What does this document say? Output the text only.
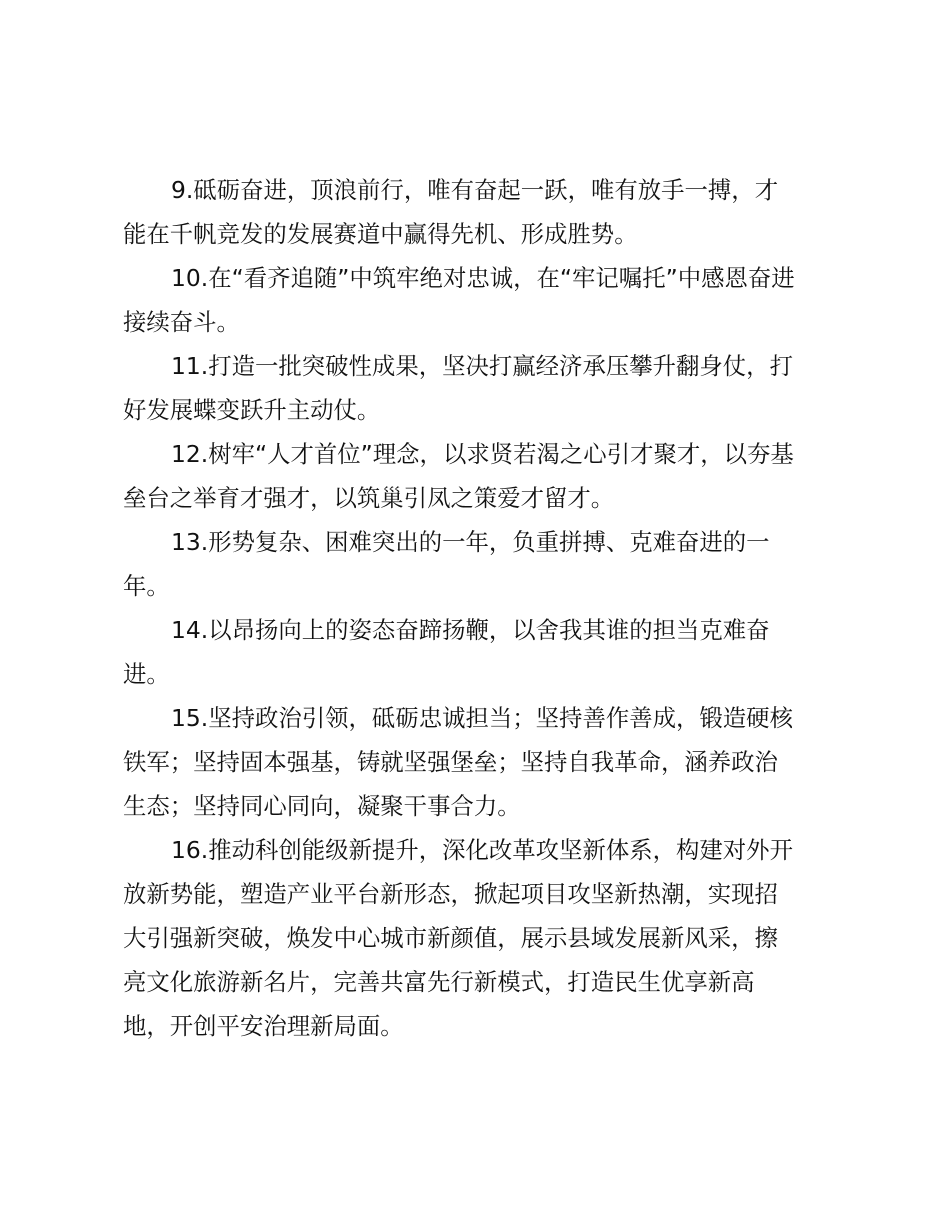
9.砥砺奋进，顶浪前行，唯有奋起一跃，唯有放手一搏，才
能在千帆竞发的发展赛道中赢得先机、形成胜势。

10.在“看齐追随”中筑牢绝对忠诚，在“牢记嘱托”中感恩奋进
接续奋斗。

11.打造一批突破性成果，坚决打赢经济承压攀升翻身仗，打
好发展蝶变跃升主动仗。

12.树牢“人才首位”理念，以求贤若渴之心引才聚才，以夯基
垒台之举育才强才，以筑巢引凤之策爱才留才。

13.形势复杂、困难突出的一年，负重拼搏、克难奋进的一
年。

14.以昂扬向上的姿态奋蹄扬鞭，以舍我其谁的担当克难奋
进。

15.坚持政治引领，砥砺忠诚担当；坚持善作善成，锻造硬核
铁军；坚持固本强基，铸就坚强堡垒；坚持自我革命，涵养政治
生态；坚持同心同向，凝聚干事合力。

16.推动科创能级新提升，深化改革攻坚新体系，构建对外开
放新势能，塑造产业平台新形态，掀起项目攻坚新热潮，实现招
大引强新突破，焕发中心城市新颜值，展示县域发展新风采，擦
亮文化旅游新名片，完善共富先行新模式，打造民生优享新高
地，开创平安治理新局面。
